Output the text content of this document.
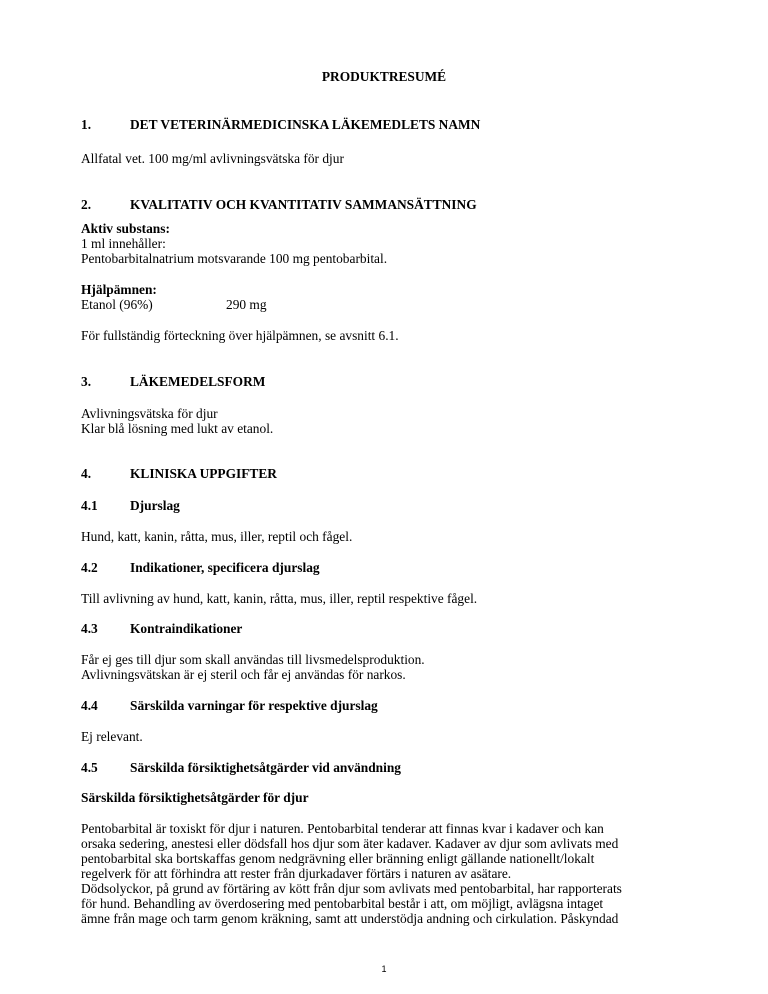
PRODUKTRESUMÉ
1.	DET VETERINÄRMEDICINSKA LÄKEMEDLETS NAMN
Allfatal vet. 100 mg/ml avlivningsvätska för djur
2.	KVALITATIV OCH KVANTITATIV SAMMANSÄTTNING
Aktiv substans:
1 ml innehåller:
Pentobarbitalnatrium motsvarande 100 mg pentobarbital.
Hjälpämnen:
Etanol (96%)	290 mg
För fullständig förteckning över hjälpämnen, se avsnitt 6.1.
3.	LÄKEMEDELSFORM
Avlivningsvätska för djur
Klar blå lösning med lukt av etanol.
4.	KLINISKA UPPGIFTER
4.1 Djurslag
Hund, katt, kanin, råtta, mus, iller, reptil och fågel.
4.2 Indikationer, specificera djurslag
Till avlivning av hund, katt, kanin, råtta, mus, iller, reptil respektive fågel.
4.3 Kontraindikationer
Får ej ges till djur som skall användas till livsmedelsproduktion.
Avlivningsvätskan är ej steril och får ej användas för narkos.
4.4 Särskilda varningar för respektive djurslag
Ej relevant.
4.5 Särskilda försiktighetsåtgärder vid användning
Särskilda försiktighetsåtgärder för djur
Pentobarbital är toxiskt för djur i naturen. Pentobarbital tenderar att finnas kvar i kadaver och kan
orsaka sedering, anestesi eller dödsfall hos djur som äter kadaver. Kadaver av djur som avlivats med
pentobarbital ska bortskaffas genom nedgrävning eller bränning enligt gällande nationellt/lokalt
regelverk för att förhindra att rester från djurkadaver förtärs i naturen av asätare.
Dödsolyckor, på grund av förtäring av kött från djur som avlivats med pentobarbital, har rapporterats
för hund. Behandling av överdosering med pentobarbital består i att, om möjligt, avlägsna intaget
ämne från mage och tarm genom kräkning, samt att understödja andning och cirkulation. Påskyndad
1
